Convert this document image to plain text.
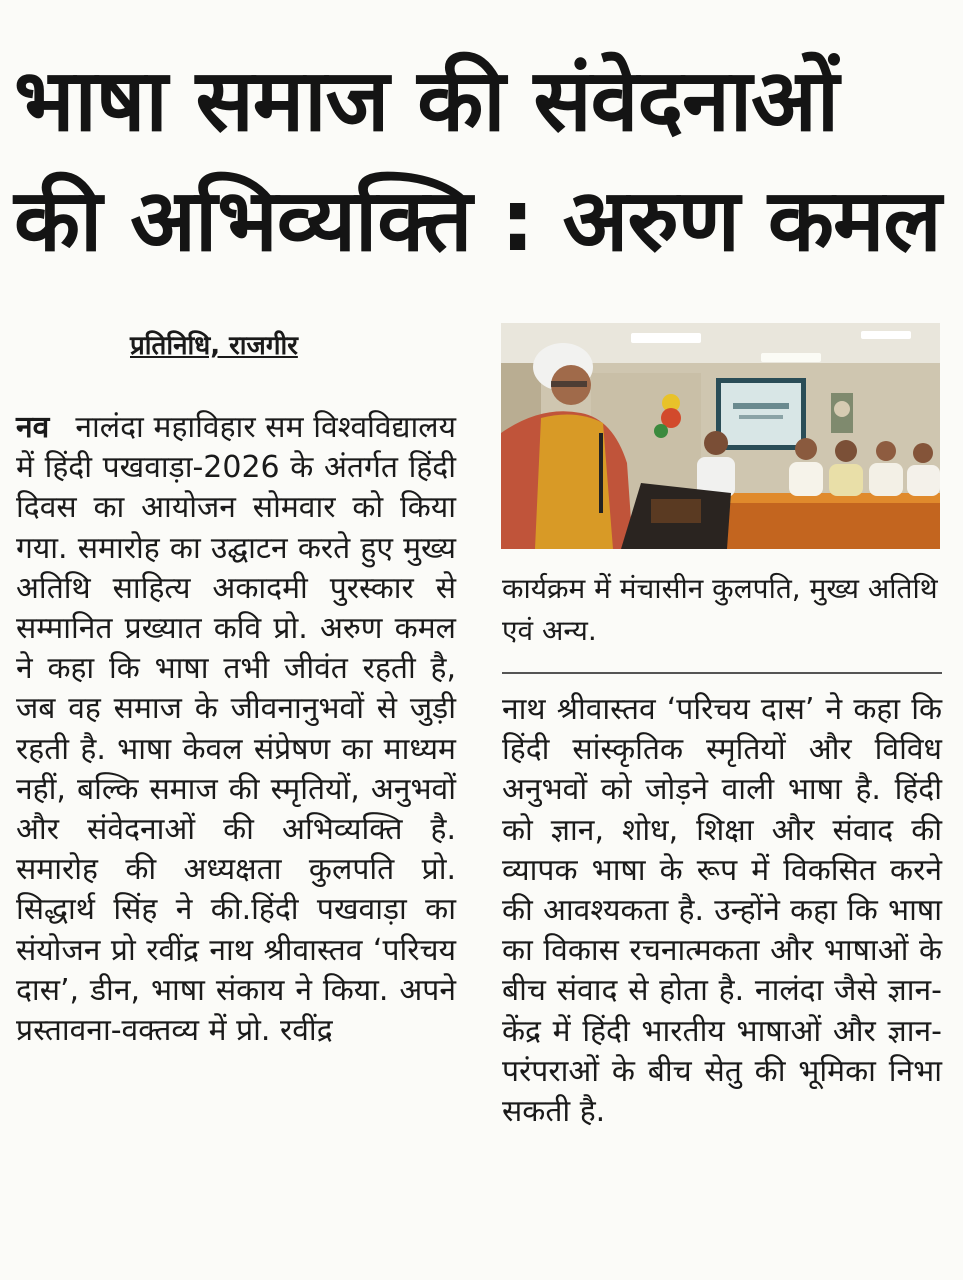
भाषा समाज की संवेदनाओं
की अभिव्यक्ति : अरुण कमल
प्रतिनिधि, राजगीर
नव नालंदा महाविहार सम विश्वविद्यालय में हिंदी पखवाड़ा-2026 के अंतर्गत हिंदी दिवस का आयोजन सोमवार को किया गया. समारोह का उद्घाटन करते हुए मुख्य अतिथि साहित्य अकादमी पुरस्कार से सम्मानित प्रख्यात कवि प्रो. अरुण कमल ने कहा कि भाषा तभी जीवंत रहती है, जब वह समाज के जीवनानुभवों से जुड़ी रहती है. भाषा केवल संप्रेषण का माध्यम नहीं, बल्कि समाज की स्मृतियों, अनुभवों और संवेदनाओं की अभिव्यक्ति है. समारोह की अध्यक्षता कुलपति प्रो. सिद्धार्थ सिंह ने की.हिंदी पखवाड़ा का संयोजन प्रो रवींद्र नाथ श्रीवास्तव ‘परिचय दास’, डीन, भाषा संकाय ने किया. अपने प्रस्तावना-वक्तव्य में प्रो. रवींद्र
कार्यक्रम में मंचासीन कुलपति, मुख्य अतिथि एवं अन्य.
नाथ श्रीवास्तव ‘परिचय दास’ ने कहा कि हिंदी सांस्कृतिक स्मृतियों और विविध अनुभवों को जोड़ने वाली भाषा है. हिंदी को ज्ञान, शोध, शिक्षा और संवाद की व्यापक भाषा के रूप में विकसित करने की आवश्यकता है. उन्होंने कहा कि भाषा का विकास रचनात्मकता और भाषाओं के बीच संवाद से होता है. नालंदा जैसे ज्ञान-केंद्र में हिंदी भारतीय भाषाओं और ज्ञान-परंपराओं के बीच सेतु की भूमिका निभा सकती है.
